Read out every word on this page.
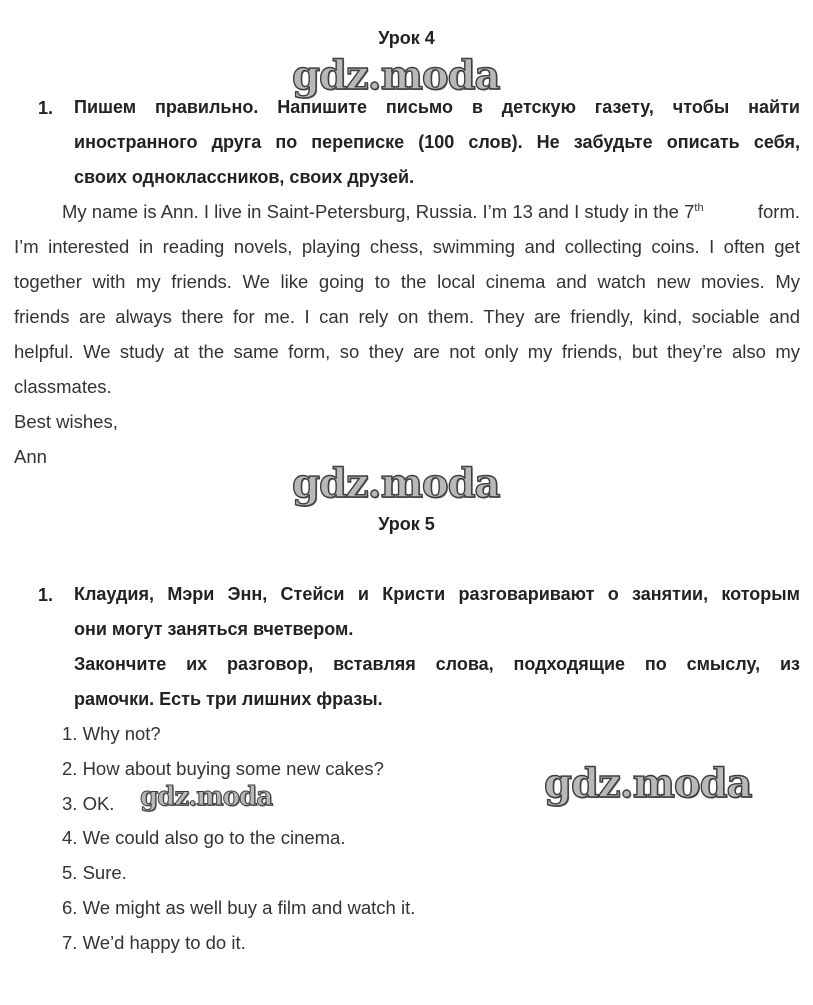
Урок 4
gdz.moda
1. Пишем правильно. Напишите письмо в детскую газету, чтобы найти
иностранного друга по переписке (100 слов). Не забудьте описать себя,
своих одноклассников, своих друзей.
My name is Ann. I live in Saint-Petersburg, Russia. I’m 13 and I study in the 7th	form.
I’m interested in reading novels, playing chess, swimming and collecting coins. I often get
together with my friends. We like going to the local cinema and watch new movies. My
friends are always there for me. I can rely on them. They are friendly, kind, sociable and
helpful. We study at the same form, so they are not only my friends, but they’re also my
classmates.
Best wishes,
Ann
gdz.moda
Урок 5
1. Клаудия, Мэри Энн, Стейси и Кристи разговаривают о занятии, которым
они могут заняться вчетвером.
Закончите их разговор, вставляя слова, подходящие по смыслу, из
рамочки. Есть три лишних фразы.
1. Why not?
2. How about buying some new cakes?
3. OK.
4. We could also go to the cinema.
5. Sure.
6. We might as well buy a film and watch it.
7. We’d happy to do it.
gdz.moda	gdz.moda
